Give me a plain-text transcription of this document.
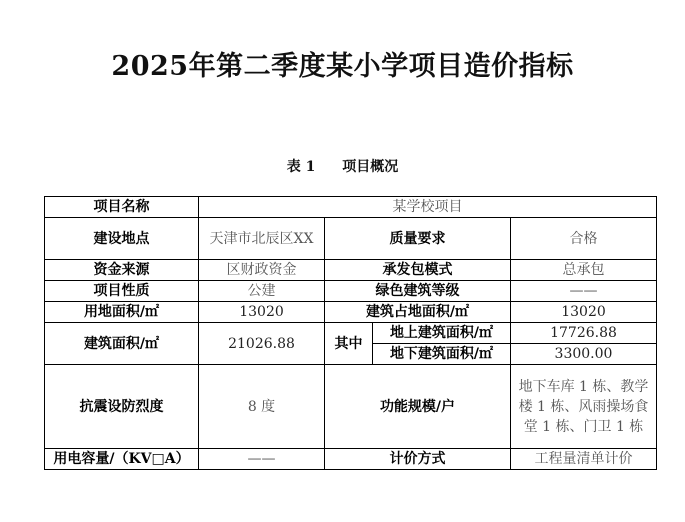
2025年第二季度某小学项目造价指标
表 1 项目概况
项目名称	某学校项目			
建设地点	天津市北辰区XX	质量要求		合格
资金来源	区财政资金	承发包模式		总承包
项目性质	公建	绿色建筑等级		——
用地面积/㎡	13020	建筑占地面积/㎡		13020
建筑面积/㎡	21026.88	其中	地上建筑面积/㎡	17726.88
			地下建筑面积/㎡	3300.00
抗震设防烈度	8 度	功能规模/户		地下车库 1 栋、教学楼 1 栋、风雨操场食堂 1 栋、门卫 1 栋
用电容量/（KV□A）	——	计价方式		工程量清单计价
